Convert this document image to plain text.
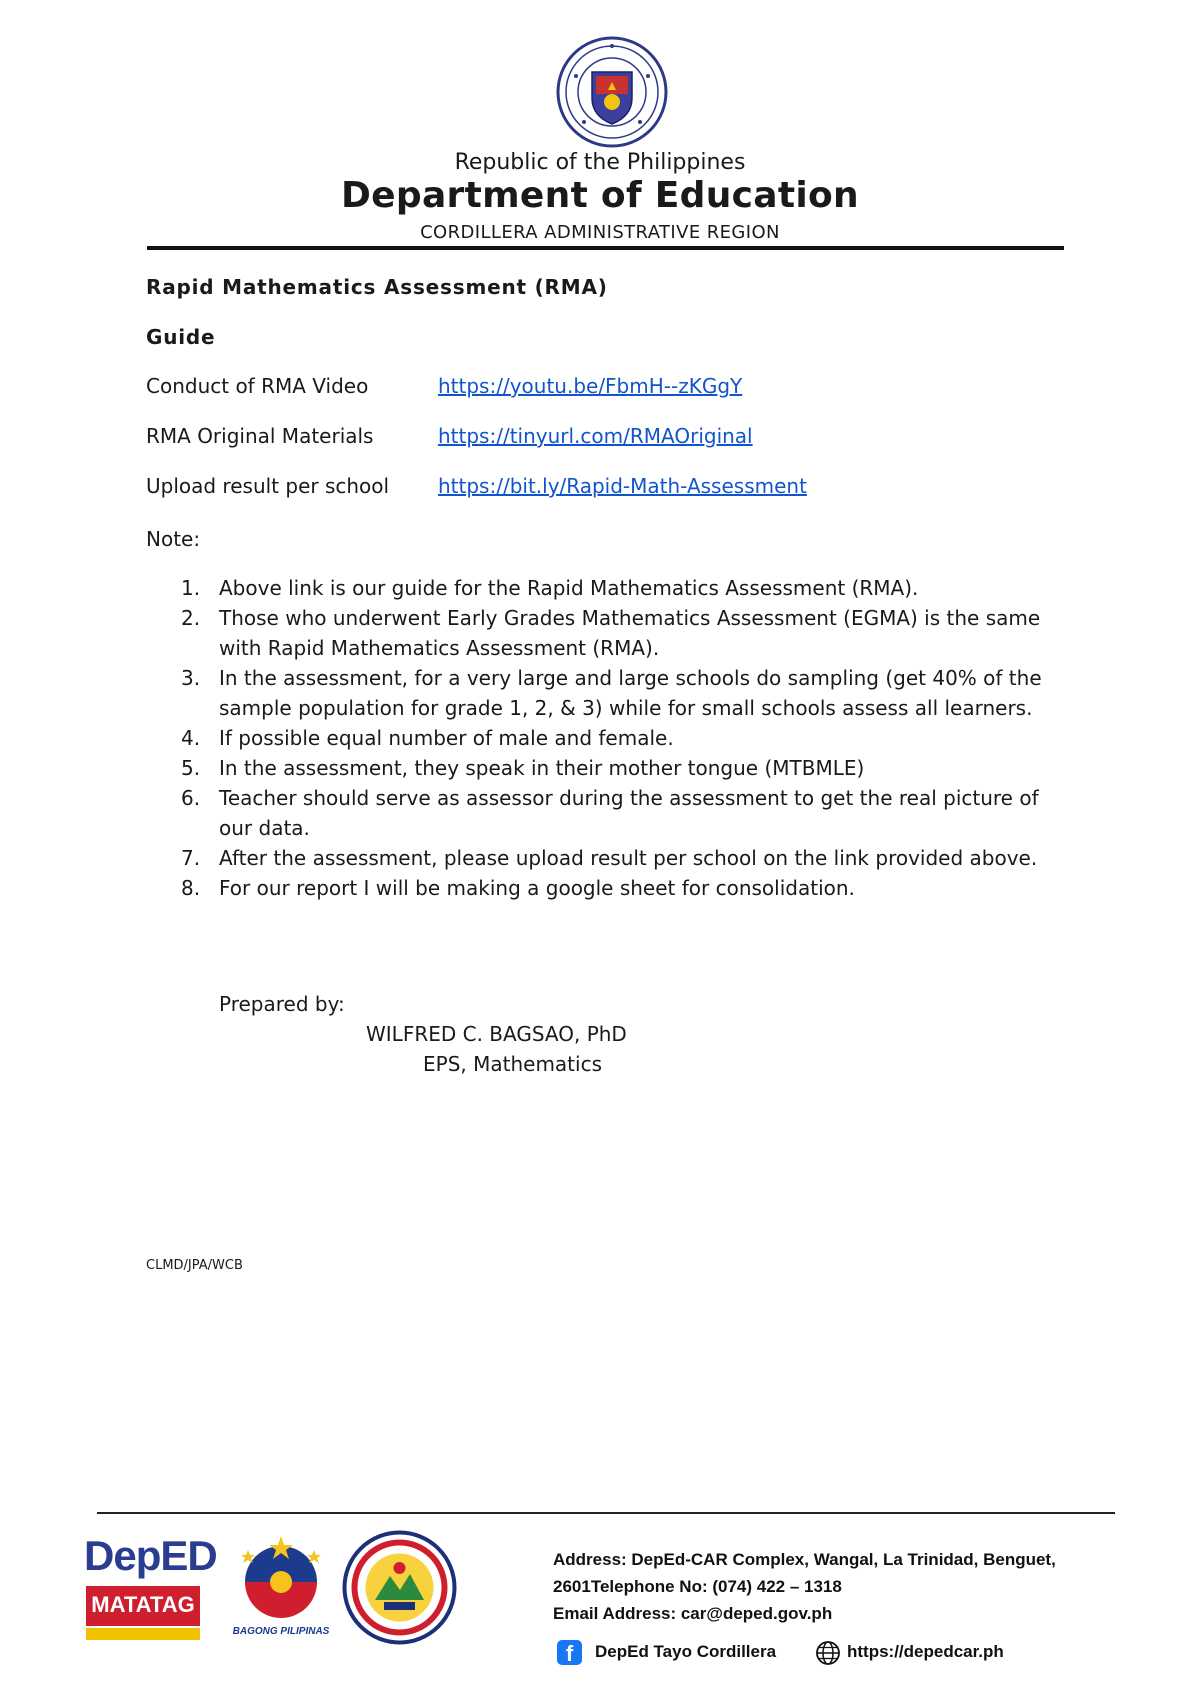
Republic of the Philippines
Department of Education
CORDILLERA ADMINISTRATIVE REGION
Rapid Mathematics Assessment (RMA)
Guide
Conduct of RMA Video	https://youtu.be/FbmH--zKGgY
RMA Original Materials	https://tinyurl.com/RMAOriginal
Upload result per school https://bit.ly/Rapid-Math-Assessment
Note:
1. Above link is our guide for the Rapid Mathematics Assessment (RMA).
2. Those who underwent Early Grades Mathematics Assessment (EGMA) is the same with Rapid Mathematics Assessment (RMA).
3. In the assessment, for a very large and large schools do sampling (get 40% of the sample population for grade 1, 2, & 3) while for small schools assess all learners.
4. If possible equal number of male and female.
5. In the assessment, they speak in their mother tongue (MTBMLE)
6. Teacher should serve as assessor during the assessment to get the real picture of our data.
7. After the assessment, please upload result per school on the link provided above.
8. For our report I will be making a google sheet for consolidation.
Prepared by:
WILFRED C. BAGSAO, PhD
EPS, Mathematics
CLMD/JPA/WCB
DepED
MATATAG
BAGONG PILIPINAS
Address: DepEd-CAR Complex, Wangal, La Trinidad, Benguet,
2601Telephone No: (074) 422 – 1318
Email Address: car@deped.gov.ph
f	DepEd Tayo Cordillera	https://depedcar.ph
